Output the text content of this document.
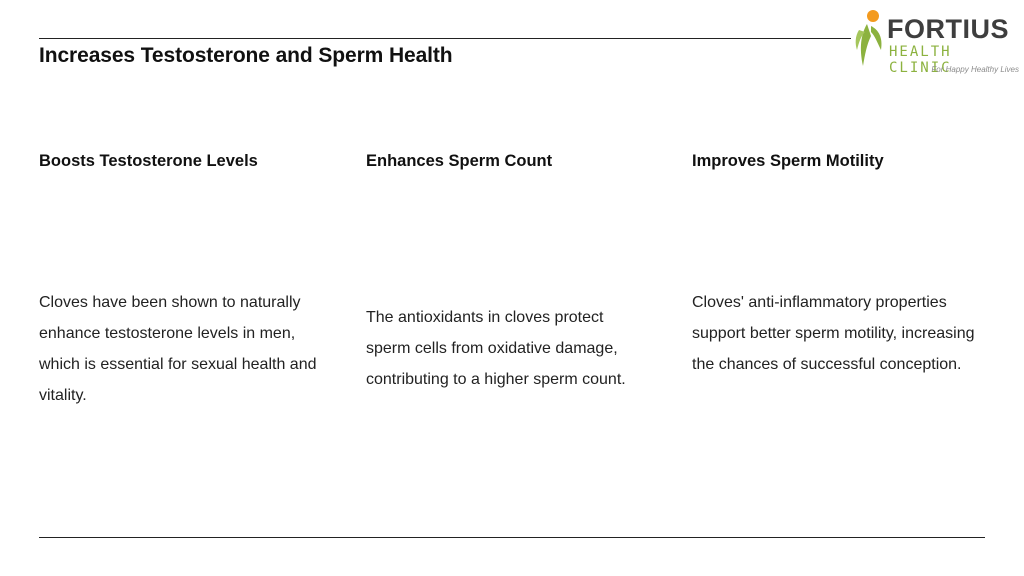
Increases Testosterone and Sperm Health
Boosts Testosterone Levels

Cloves have been shown to naturally enhance testosterone levels in men, which is essential for sexual health and vitality.

Enhances Sperm Count

The antioxidants in cloves protect sperm cells from oxidative damage, contributing to a higher sperm count.

Improves Sperm Motility

Cloves' anti-inflammatory properties support better sperm motility, increasing the chances of successful conception.

FORTIUS
HEALTH CLINIC
For Happy Healthy Lives
